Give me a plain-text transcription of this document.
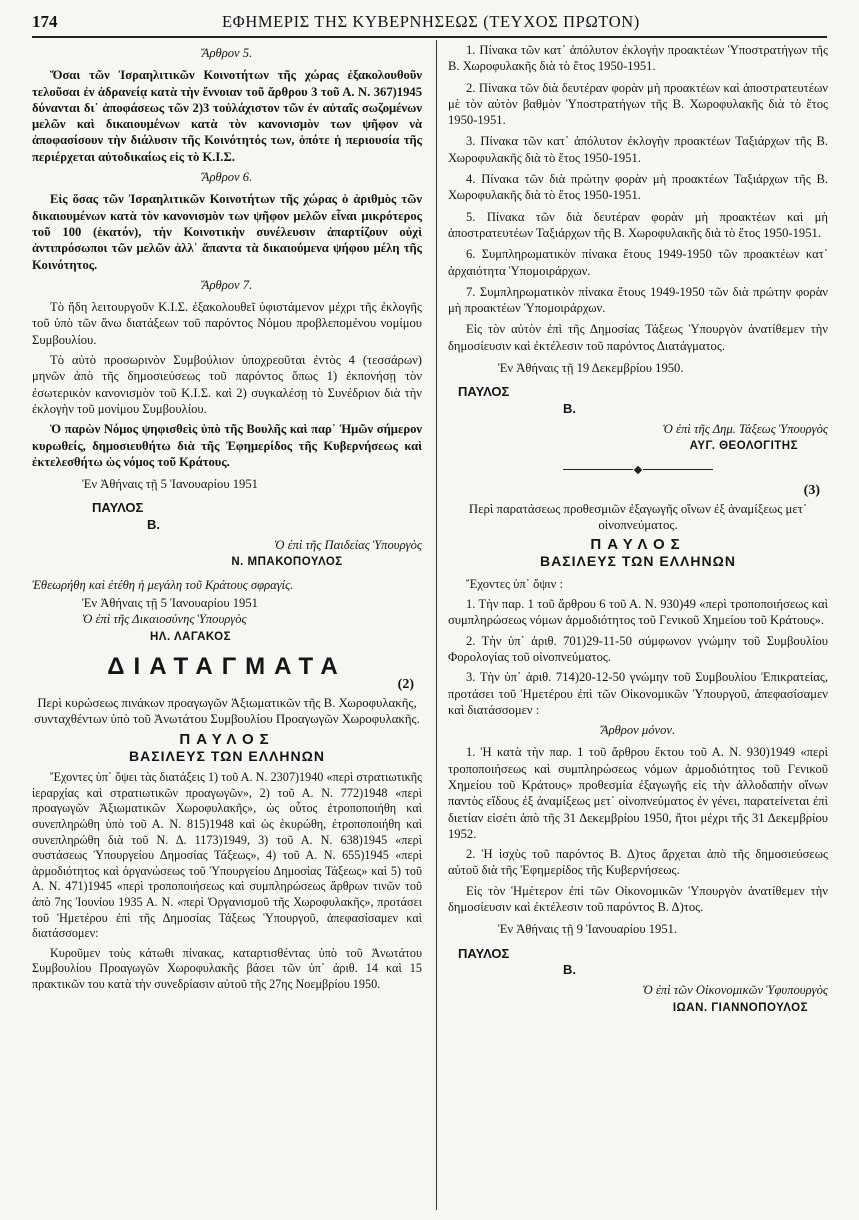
174	ΕΦΗΜΕΡΙΣ ΤΗΣ ΚΥΒΕΡΝΗΣΕΩΣ (ΤΕΥΧΟΣ ΠΡΩΤΟΝ)
Ἄρθρον 5.

Ὅσαι τῶν Ἰσραηλιτικῶν Κοινοτήτων τῆς χώρας ἐξακολουθοῦν τελοῦσαι ἐν ἀδρανείᾳ κατὰ τὴν ἔννοιαν τοῦ ἄρθρου 3 τοῦ Α. Ν. 367)1945 δύνανται δι᾽ ἀποφάσεως τῶν 2)3 τοὐλάχιστον τῶν ἐν αὐταῖς σωζομένων μελῶν καὶ δικαιουμένων κατὰ τὸν κανονισμὸν των ψῆφον νὰ ἀποφασίσουν τὴν διάλυσιν τῆς Κοινότητός των, ὁπότε ἡ περιουσία τῆς περιέρχεται αὐτοδικαίως εἰς τὸ Κ.Ι.Σ.

Ἄρθρον 6.

Εἰς ὅσας τῶν Ἰσραηλιτικῶν Κοινοτήτων τῆς χώρας ὁ ἀριθμὸς τῶν δικαιουμένων κατὰ τὸν κανονισμὸν των ψῆφον μελῶν εἶναι μικρότερος τοῦ 100 (ἑκατόν), τὴν Κοινοτικὴν συνέλευσιν ἀπαρτίζουν οὐχὶ ἀντιπρόσωποι τῶν μελῶν ἀλλ᾽ ἅπαντα τὰ δικαιούμενα ψήφου μέλη τῆς Κοινότητος.

Ἄρθρον 7.

Τὸ ἤδη λειτουργοῦν Κ.Ι.Σ. ἐξακολουθεῖ ὑφιστάμενον μέχρι τῆς ἐκλογῆς τοῦ ὑπὸ τῶν ἄνω διατάξεων τοῦ παρόντος Νόμου προβλεπομένου νομίμου Συμβουλίου.

Τὸ αὐτὸ προσωρινὸν Συμβούλιον ὑποχρεοῦται ἐντὸς 4 (τεσσάρων) μηνῶν ἀπὸ τῆς δημοσιεύσεως τοῦ παρόντος ὅπως 1) ἐκπονήσῃ τὸν ἐσωτερικὸν κανονισμὸν τοῦ Κ.Ι.Σ. καὶ 2) συγκαλέσῃ τὸ Συνέδριον διὰ τὴν ἐκλογὴν τοῦ μονίμου Συμβουλίου.

Ὁ παρὼν Νόμος ψηφισθεὶς ὑπὸ τῆς Βουλῆς καὶ παρ᾽ Ἡμῶν σήμερον κυρωθείς, δημοσιευθήτω διὰ τῆς Ἐφημερίδος τῆς Κυβερνήσεως καὶ ἐκτελεσθήτω ὡς νόμος τοῦ Κράτους.

Ἐν Ἀθήναις τῇ 5 Ἰανουαρίου 1951
ΠΑΥΛΟΣ
Β.
Ὁ ἐπὶ τῆς Παιδείας Ὑπουργὸς
Ν. ΜΠΑΚΟΠΟΥΛΟΣ
Ἐθεωρήθη καὶ ἐτέθη ἡ μεγάλη τοῦ Κράτους σφραγίς.
Ἐν Ἀθήναις τῇ 5 Ἰανουαρίου 1951
Ὁ ἐπὶ τῆς Δικαιοσύνης Ὑπουργὸς
ΗΛ. ΛΑΓΑΚΟΣ
ΔΙΑΤΑΓΜΑΤΑ
(2)

Περὶ κυρώσεως πινάκων προαγωγῶν Ἀξιωματικῶν τῆς Β. Χωροφυλακῆς, συνταχθέντων ὑπὸ τοῦ Ἀνωτάτου Συμβουλίου Προαγωγῶν Χωροφυλακῆς.

ΠΑΥΛΟΣ
ΒΑΣΙΛΕΥΣ ΤΩΝ ΕΛΛΗΝΩΝ

Ἔχοντες ὑπ᾽ ὄψει τὰς διατάξεις 1) τοῦ Α. Ν. 2307)1940 «περὶ στρατιωτικῆς ἱεραρχίας καὶ στρατιωτικῶν προαγωγῶν», 2) τοῦ Α. Ν. 772)1948 «περὶ προαγωγῶν Ἀξιωματικῶν Χωροφυλακῆς», ὡς οὗτος ἐτροποποιήθη καὶ συνεπληρώθη ὑπὸ τοῦ Α. Ν. 815)1948 καὶ ὡς ἐκυρώθη, ἐτροποποιήθη καὶ συνεπληρώθη διὰ τοῦ Ν. Δ. 1173)1949, 3) τοῦ Α. Ν. 638)1945 «περὶ συστάσεως Ὑπουργείου Δημοσίας Τάξεως», 4) τοῦ Α. Ν. 655)1945 «περὶ ἁρμοδιότητος καὶ ὀργανώσεως τοῦ Ὑπουργείου Δημοσίας Τάξεως» καὶ 5) τοῦ Α. Ν. 471)1945 «περὶ τροποποιήσεως καὶ συμπληρώσεως ἄρθρων τινῶν τοῦ ἀπὸ 7ης Ἰουνίου 1935 Α. Ν. «περὶ Ὀργανισμοῦ τῆς Χωροφυλακῆς», προτάσει τοῦ Ἡμετέρου ἐπὶ τῆς Δημοσίας Τάξεως Ὑπουργοῦ, ἀπεφασίσαμεν καὶ διατάσσομεν:

Κυροῦμεν τοὺς κάτωθι πίνακας, καταρτισθέντας ὑπὸ τοῦ Ἀνωτάτου Συμβουλίου Προαγωγῶν Χωροφυλακῆς βάσει τῶν ὑπ᾽ ἀριθ. 14 καὶ 15 πρακτικῶν του κατὰ τὴν συνεδρίασιν αὐτοῦ τῆς 27ης Νοεμβρίου 1950.

1. Πίνακα τῶν κατ᾽ ἀπόλυτον ἐκλογὴν προακτέων Ὑποστρατήγων τῆς Β. Χωροφυλακῆς διὰ τὸ ἔτος 1950-1951.

2. Πίνακα τῶν διὰ δευτέραν φορὰν μὴ προακτέων καὶ ἀποστρατευτέων μὲ τὸν αὐτὸν βαθμὸν Ὑποστρατήγων τῆς Β. Χωροφυλακῆς διὰ τὸ ἔτος 1950-1951.

3. Πίνακα τῶν κατ᾽ ἀπόλυτον ἐκλογὴν προακτέων Ταξιάρχων τῆς Β. Χωροφυλακῆς διὰ τὸ ἔτος 1950-1951.

4. Πίνακα τῶν διὰ πρώτην φορὰν μὴ προακτέων Ταξιάρχων τῆς Β. Χωροφυλακῆς διὰ τὸ ἔτος 1950-1951.

5. Πίνακα τῶν διὰ δευτέραν φορὰν μὴ προακτέων καὶ μὴ ἀποστρατευτέων Ταξιάρχων τῆς Β. Χωροφυλακῆς διὰ τὸ ἔτος 1950-1951.

6. Συμπληρωματικὸν πίνακα ἔτους 1949-1950 τῶν προακτέων κατ᾽ ἀρχαιότητα Ὑπομοιράρχων.

7. Συμπληρωματικὸν πίνακα ἔτους 1949-1950 τῶν διὰ πρώτην φορὰν μὴ προακτέων Ὑπομοιράρχων.

Εἰς τὸν αὐτὸν ἐπὶ τῆς Δημοσίας Τάξεως Ὑπουργὸν ἀνατίθεμεν τὴν δημοσίευσιν καὶ ἐκτέλεσιν τοῦ παρόντος Διατάγματος.

Ἐν Ἀθήναις τῇ 19 Δεκεμβρίου 1950.
ΠΑΥΛΟΣ
Β.
Ὁ ἐπὶ τῆς Δημ. Τάξεως Ὑπουργὸς
ΑΥΓ. ΘΕΟΛΟΓΙΤΗΣ
(3)

Περὶ παρατάσεως προθεσμιῶν ἐξαγωγῆς οἴνων ἐξ ἀναμίξεως μετ᾽ οἰνοπνεύματος.

ΠΑΥΛΟΣ
ΒΑΣΙΛΕΥΣ ΤΩΝ ΕΛΛΗΝΩΝ

Ἔχοντες ὑπ᾽ ὄψιν :

1. Τὴν παρ. 1 τοῦ ἄρθρου 6 τοῦ Α. Ν. 930)49 «περὶ τροποποιήσεως καὶ συμπληρώσεως νόμων ἁρμοδιότητος τοῦ Γενικοῦ Χημείου τοῦ Κράτους».

2. Τὴν ὑπ᾽ ἀριθ. 701)29-11-50 σύμφωνον γνώμην τοῦ Συμβουλίου Φορολογίας τοῦ οἰνοπνεύματος.

3. Τὴν ὑπ᾽ ἀριθ. 714)20-12-50 γνώμην τοῦ Συμβουλίου Ἐπικρατείας, προτάσει τοῦ Ἡμετέρου ἐπὶ τῶν Οἰκονομικῶν Ὑπουργοῦ, ἀπεφασίσαμεν καὶ διατάσσομεν :

Ἄρθρον μόνον.

1. Ἡ κατὰ τὴν παρ. 1 τοῦ ἄρθρου ἕκτου τοῦ Α. Ν. 930)1949 «περὶ τροποποιήσεως καὶ συμπληρώσεως νόμων ἁρμοδιότητος τοῦ Γενικοῦ Χημείου τοῦ Κράτους» προθεσμία ἐξαγωγῆς εἰς τὴν ἀλλοδαπὴν οἴνων παντὸς εἴδους ἐξ ἀναμίξεως μετ᾽ οἰνοπνεύματος ἐν γένει, παρατείνεται ἐπὶ διετίαν εἰσέτι ἀπὸ τῆς 31 Δεκεμβρίου 1950, ἤτοι μέχρι τῆς 31 Δεκεμβρίου 1952.

2. Ἡ ἰσχὺς τοῦ παρόντος Β. Δ)τος ἄρχεται ἀπὸ τῆς δημοσιεύσεως αὐτοῦ διὰ τῆς Ἐφημερίδος τῆς Κυβερνήσεως.

Εἰς τὸν Ἡμέτερον ἐπὶ τῶν Οἰκονομικῶν Ὑπουργὸν ἀνατίθεμεν τὴν δημοσίευσιν καὶ ἐκτέλεσιν τοῦ παρόντος Β. Δ)τος.

Ἐν Ἀθήναις τῇ 9 Ἰανουαρίου 1951.
ΠΑΥΛΟΣ
Β.
Ὁ ἐπὶ τῶν Οἰκονομικῶν Ὑφυπουργὸς
ΙΩΑΝ. ΓΙΑΝΝΟΠΟΥΛΟΣ
